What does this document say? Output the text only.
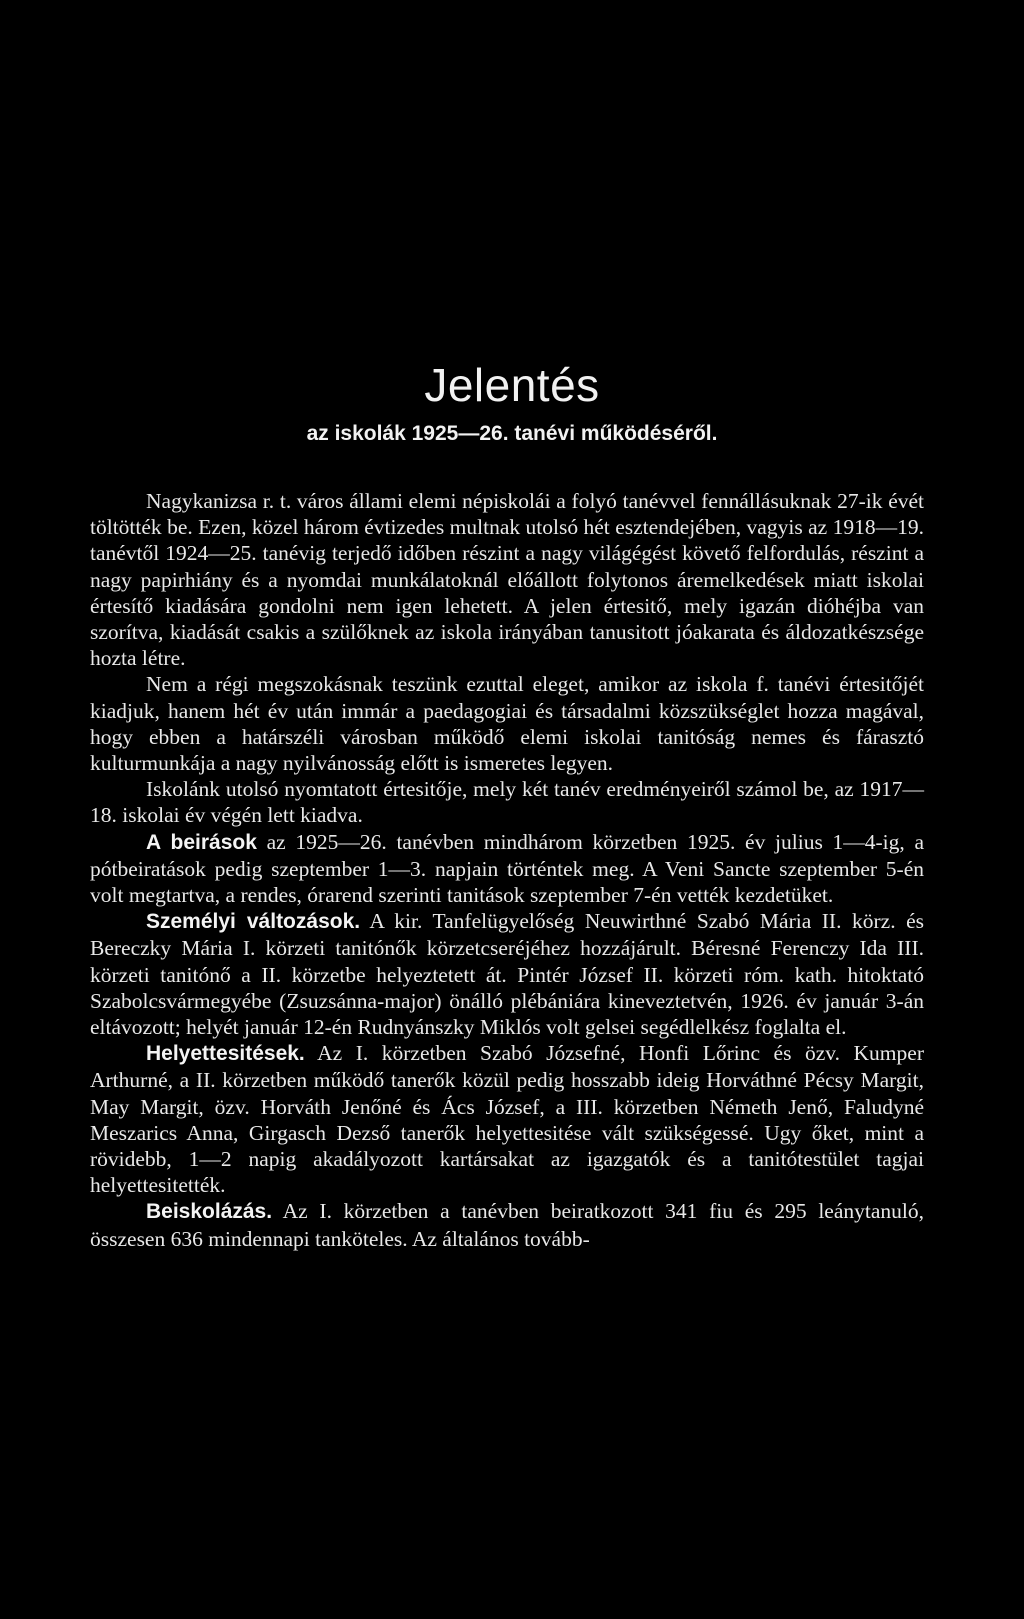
Jelentés
az iskolák 1925—26. tanévi működéséről.

Nagykanizsa r. t. város állami elemi népiskolái a folyó tanévvel fennállásuknak 27-ik évét töltötték be. Ezen, közel három évtizedes multnak utolsó hét esztendejében, vagyis az 1918—19. tanévtől 1924—25. tanévig terjedő időben részint a nagy világégést követő felfordulás, részint a nagy papirhiány és a nyomdai munkálatoknál előállott folytonos áremelkedések miatt iskolai értesítő kiadására gondolni nem igen lehetett. A jelen értesitő, mely igazán dióhéjba van szorítva, kiadását csakis a szülőknek az iskola irányában tanusitott jóakarata és áldozatkészsége hozta létre.

Nem a régi megszokásnak teszünk ezuttal eleget, amikor az iskola f. tanévi értesitőjét kiadjuk, hanem hét év után immár a paedagogiai és társadalmi közszükséglet hozza magával, hogy ebben a határszéli városban működő elemi iskolai tanitóság nemes és fárasztó kulturmunkája a nagy nyilvánosság előtt is ismeretes legyen.

Iskolánk utolsó nyomtatott értesitője, mely két tanév eredményeiről számol be, az 1917—18. iskolai év végén lett kiadva.

A beirások az 1925—26. tanévben mindhárom körzetben 1925. év julius 1—4-ig, a pótbeiratások pedig szeptember 1—3. napjain történtek meg. A Veni Sancte szeptember 5-én volt megtartva, a rendes, órarend szerinti tanitások szeptember 7-én vették kezdetüket.

Személyi változások. A kir. Tanfelügyelőség Neuwirthné Szabó Mária II. körz. és Bereczky Mária I. körzeti tanitónők körzetcseréjéhez hozzájárult. Béresné Ferenczy Ida III. körzeti tanitónő a II. körzetbe helyeztetett át. Pintér József II. körzeti róm. kath. hitoktató Szabolcsvármegyébe (Zsuzsánna-major) önálló plébániára kineveztetvén, 1926. év január 3-án eltávozott; helyét január 12-én Rudnyánszky Miklós volt gelsei segédlelkész foglalta el.

Helyettesitések. Az I. körzetben Szabó Józsefné, Honfi Lőrinc és özv. Kumper Arthurné, a II. körzetben működő tanerők közül pedig hosszabb ideig Horváthné Pécsy Margit, May Margit, özv. Horváth Jenőné és Ács József, a III. körzetben Németh Jenő, Faludyné Meszarics Anna, Girgasch Dezső tanerők helyettesitése vált szükségessé. Ugy őket, mint a rövidebb, 1—2 napig akadályozott kartársakat az igazgatók és a tanitótestület tagjai helyettesitették.

Beiskolázás. Az I. körzetben a tanévben beiratkozott 341 fiu és 295 leánytanuló, összesen 636 mindennapi tanköteles. Az általános tovább-
